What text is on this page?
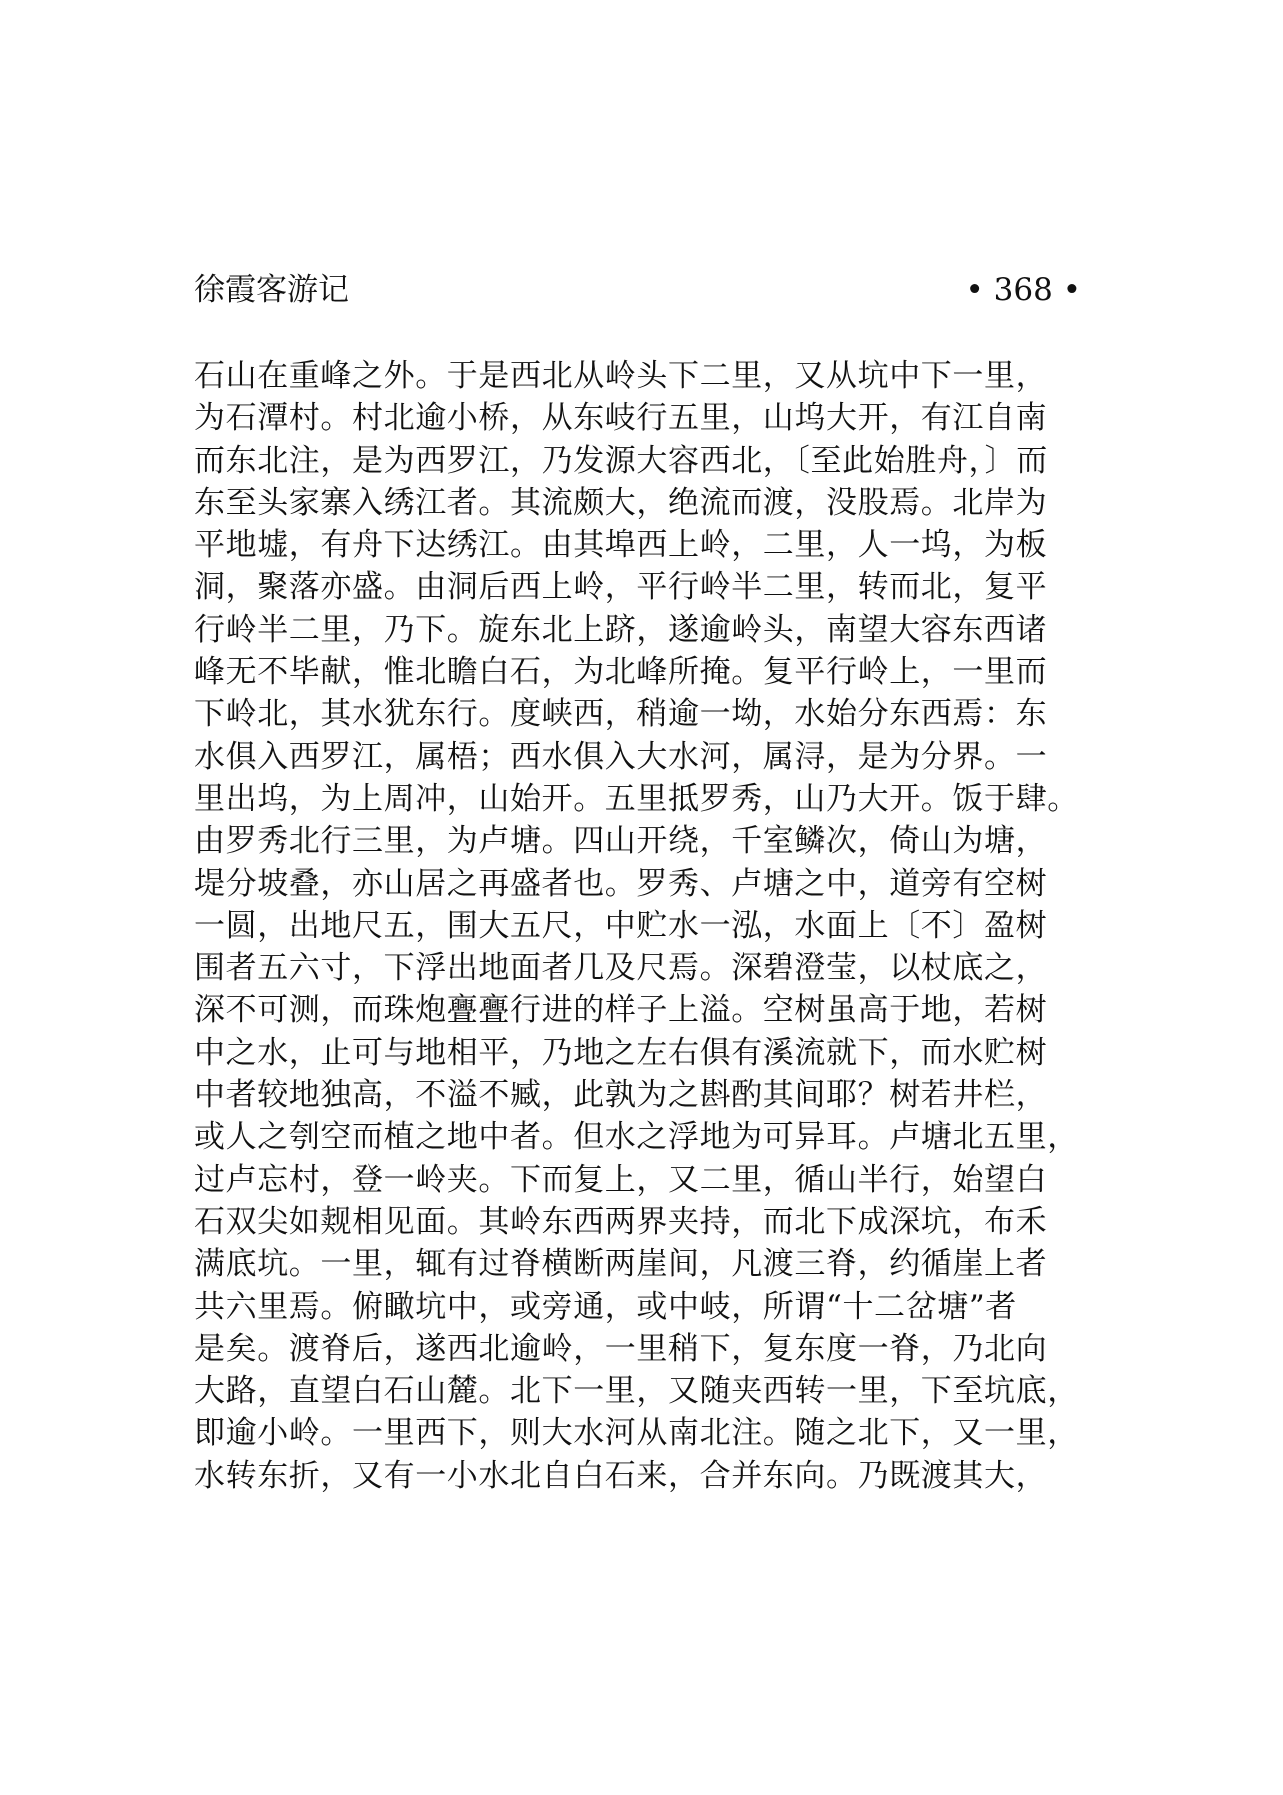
徐霞客游记	• 368 •
石山在重峰之外。于是西北从岭头下二里，又从坑中下一里，
为石潭村。村北逾小桥，从东岐行五里，山坞大开，有江自南
而东北注，是为西罗江，乃发源大容西北，〔至此始胜舟，〕而
东至头家寨入绣江者。其流颇大，绝流而渡，没股焉。北岸为
平地墟，有舟下达绣江。由其埠西上岭，二里，人一坞，为板
洞，聚落亦盛。由洞后西上岭，平行岭半二里，转而北，复平
行岭半二里，乃下。旋东北上跻，遂逾岭头，南望大容东西诸
峰无不毕献，惟北瞻白石，为北峰所掩。复平行岭上，一里而
下岭北，其水犹东行。度峡西，稍逾一坳，水始分东西焉：东
水俱入西罗江，属梧；西水俱入大水河，属浔，是为分界。一
里出坞，为上周冲，山始开。五里抵罗秀，山乃大开。饭于肆。
由罗秀北行三里，为卢塘。四山开绕，千室鳞次，倚山为塘，
堤分坡叠，亦山居之再盛者也。罗秀、卢塘之中，道旁有空树
一圆，出地尺五，围大五尺，中贮水一泓，水面上〔不〕盈树
围者五六寸，下浮出地面者几及尺焉。深碧澄莹，以杖底之，
深不可测，而珠炮亹亹行进的样子上溢。空树虽高于地，若树
中之水，止可与地相平，乃地之左右俱有溪流就下，而水贮树
中者较地独高，不溢不臧，此孰为之斟酌其间耶？树若井栏，
或人之刳空而植之地中者。但水之浮地为可异耳。卢塘北五里，
过卢忘村，登一岭夹。下而复上，又二里，循山半行，始望白
石双尖如觌相见面。其岭东西两界夹持，而北下成深坑，布禾
满底坑。一里，辄有过脊横断两崖间，凡渡三脊，约循崖上者
共六里焉。俯瞰坑中，或旁通，或中岐，所谓“十二岔塘”者
是矣。渡脊后，遂西北逾岭，一里稍下，复东度一脊，乃北向
大路，直望白石山麓。北下一里，又随夹西转一里，下至坑底，
即逾小岭。一里西下，则大水河从南北注。随之北下，又一里，
水转东折，又有一小水北自白石来，合并东向。乃既渡其大，
